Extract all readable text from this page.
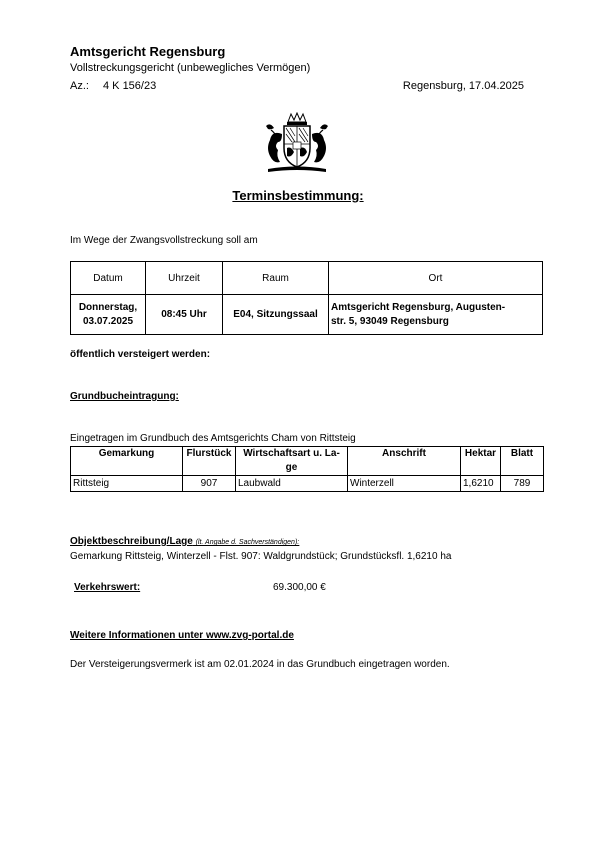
Amtsgericht Regensburg
Vollstreckungsgericht (unbewegliches Vermögen)
Az.: 4 K 156/23	Regensburg, 17.04.2025
Terminsbestimmung:
Im Wege der Zwangsvollstreckung soll am
Datum	Uhrzeit	Raum	Ort
Donnerstag,
03.07.2025	08:45 Uhr	E04, Sitzungssaal	Amtsgericht Regensburg, Augusten-
str. 5, 93049 Regensburg
öffentlich versteigert werden:
Grundbucheintragung:
Eingetragen im Grundbuch des Amtsgerichts Cham von Rittsteig
Gemarkung	Flurstück	Wirtschaftsart u. La-
ge	Anschrift	Hektar	Blatt
Rittsteig	907	Laubwald	Winterzell	1,6210	789
Objektbeschreibung/Lage (lt. Angabe d. Sachverständigen):
Gemarkung Rittsteig, Winterzell - Flst. 907: Waldgrundstück; Grundstücksfl. 1,6210 ha
Verkehrswert:	69.300,00 €
Weitere Informationen unter www.zvg-portal.de
Der Versteigerungsvermerk ist am 02.01.2024 in das Grundbuch eingetragen worden.
